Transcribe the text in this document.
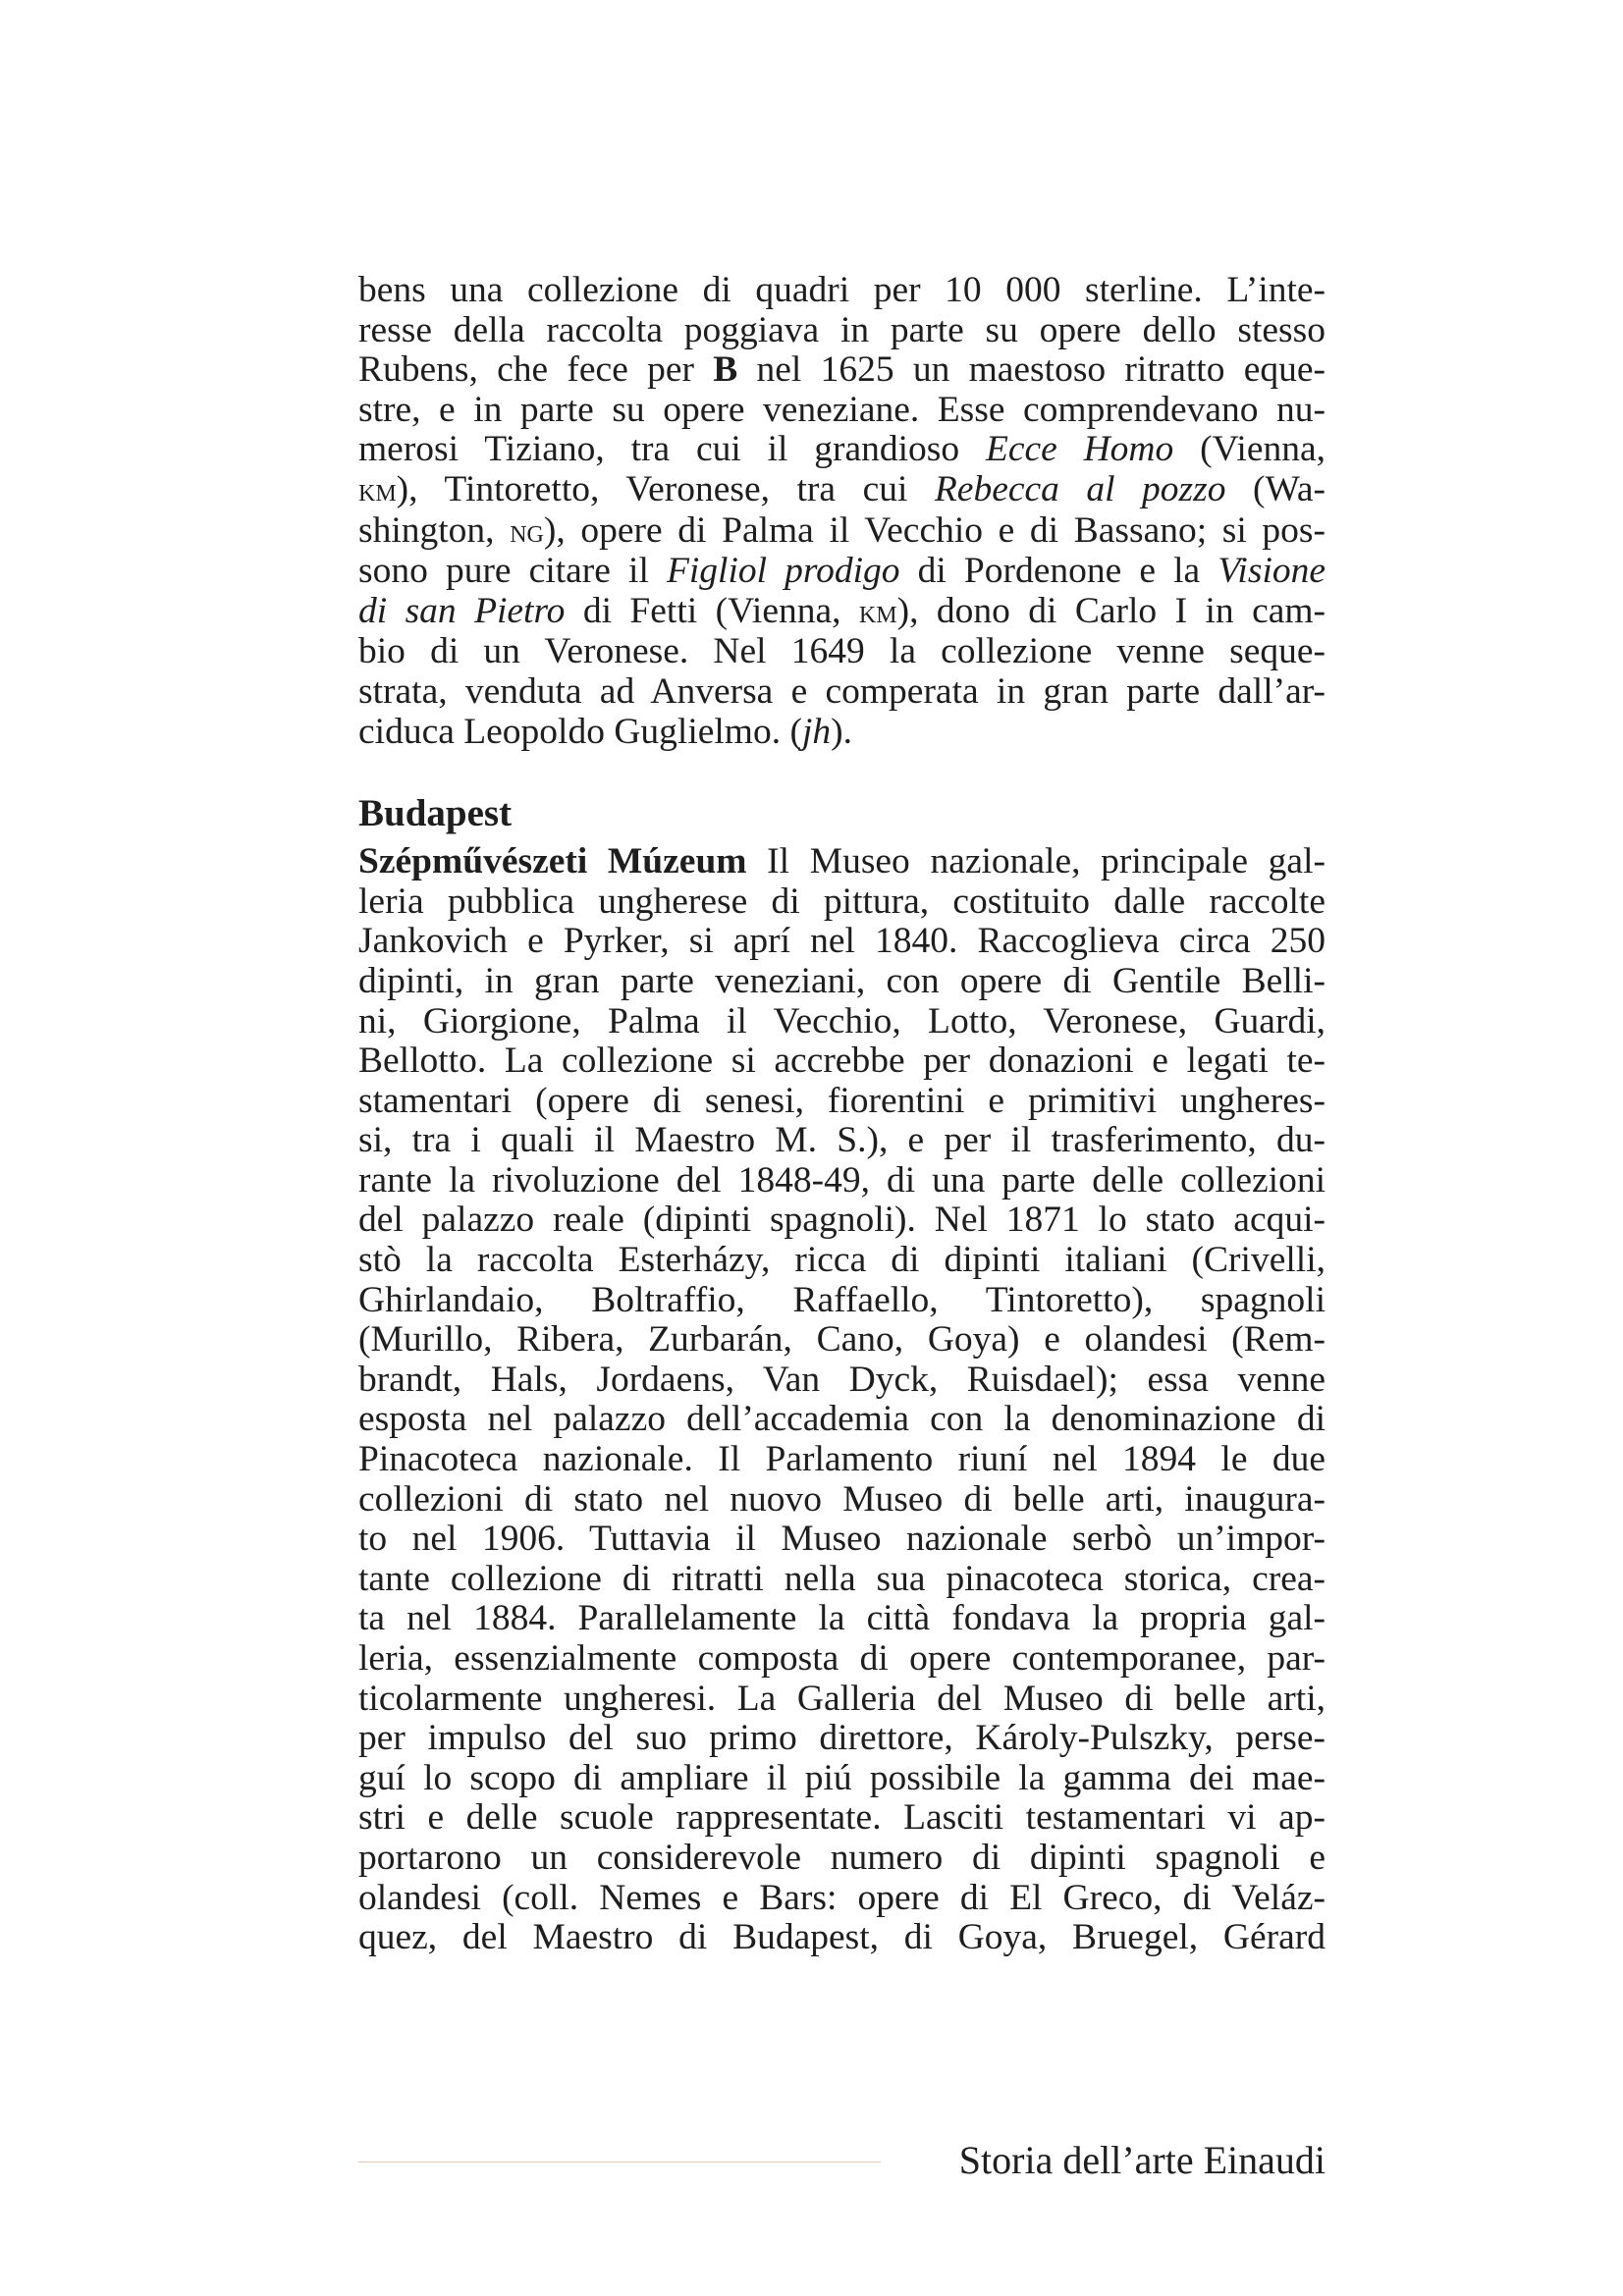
bens una collezione di quadri per 10 000 sterline. L’inte-
resse della raccolta poggiava in parte su opere dello stesso
Rubens, che fece per B nel 1625 un maestoso ritratto eque-
stre, e in parte su opere veneziane. Esse comprendevano nu-
merosi Tiziano, tra cui il grandioso Ecce Homo (Vienna,
km), Tintoretto, Veronese, tra cui Rebecca al pozzo (Wa-
shington, ng), opere di Palma il Vecchio e di Bassano; si pos-
sono pure citare il Figliol prodigo di Pordenone e la Visione
di san Pietro di Fetti (Vienna, km), dono di Carlo I in cam-
bio di un Veronese. Nel 1649 la collezione venne seque-
strata, venduta ad Anversa e comperata in gran parte dall’ar-
ciduca Leopoldo Guglielmo. (jh).
Budapest
Szépművészeti Múzeum Il Museo nazionale, principale gal-
leria pubblica ungherese di pittura, costituito dalle raccolte
Jankovich e Pyrker, si aprí nel 1840. Raccoglieva circa 250
dipinti, in gran parte veneziani, con opere di Gentile Belli-
ni, Giorgione, Palma il Vecchio, Lotto, Veronese, Guardi,
Bellotto. La collezione si accrebbe per donazioni e legati te-
stamentari (opere di senesi, fiorentini e primitivi ungheres-
si, tra i quali il Maestro M. S.), e per il trasferimento, du-
rante la rivoluzione del 1848-49, di una parte delle collezioni
del palazzo reale (dipinti spagnoli). Nel 1871 lo stato acqui-
stò la raccolta Esterházy, ricca di dipinti italiani (Crivelli,
Ghirlandaio, Boltraffio, Raffaello, Tintoretto), spagnoli
(Murillo, Ribera, Zurbarán, Cano, Goya) e olandesi (Rem-
brandt, Hals, Jordaens, Van Dyck, Ruisdael); essa venne
esposta nel palazzo dell’accademia con la denominazione di
Pinacoteca nazionale. Il Parlamento riuní nel 1894 le due
collezioni di stato nel nuovo Museo di belle arti, inaugura-
to nel 1906. Tuttavia il Museo nazionale serbò un’impor-
tante collezione di ritratti nella sua pinacoteca storica, crea-
ta nel 1884. Parallelamente la città fondava la propria gal-
leria, essenzialmente composta di opere contemporanee, par-
ticolarmente ungheresi. La Galleria del Museo di belle arti,
per impulso del suo primo direttore, Károly-Pulszky, perse-
guí lo scopo di ampliare il piú possibile la gamma dei mae-
stri e delle scuole rappresentate. Lasciti testamentari vi ap-
portarono un considerevole numero di dipinti spagnoli e
olandesi (coll. Nemes e Bars: opere di El Greco, di Veláz-
quez, del Maestro di Budapest, di Goya, Bruegel, Gérard
Storia dell’arte Einaudi
